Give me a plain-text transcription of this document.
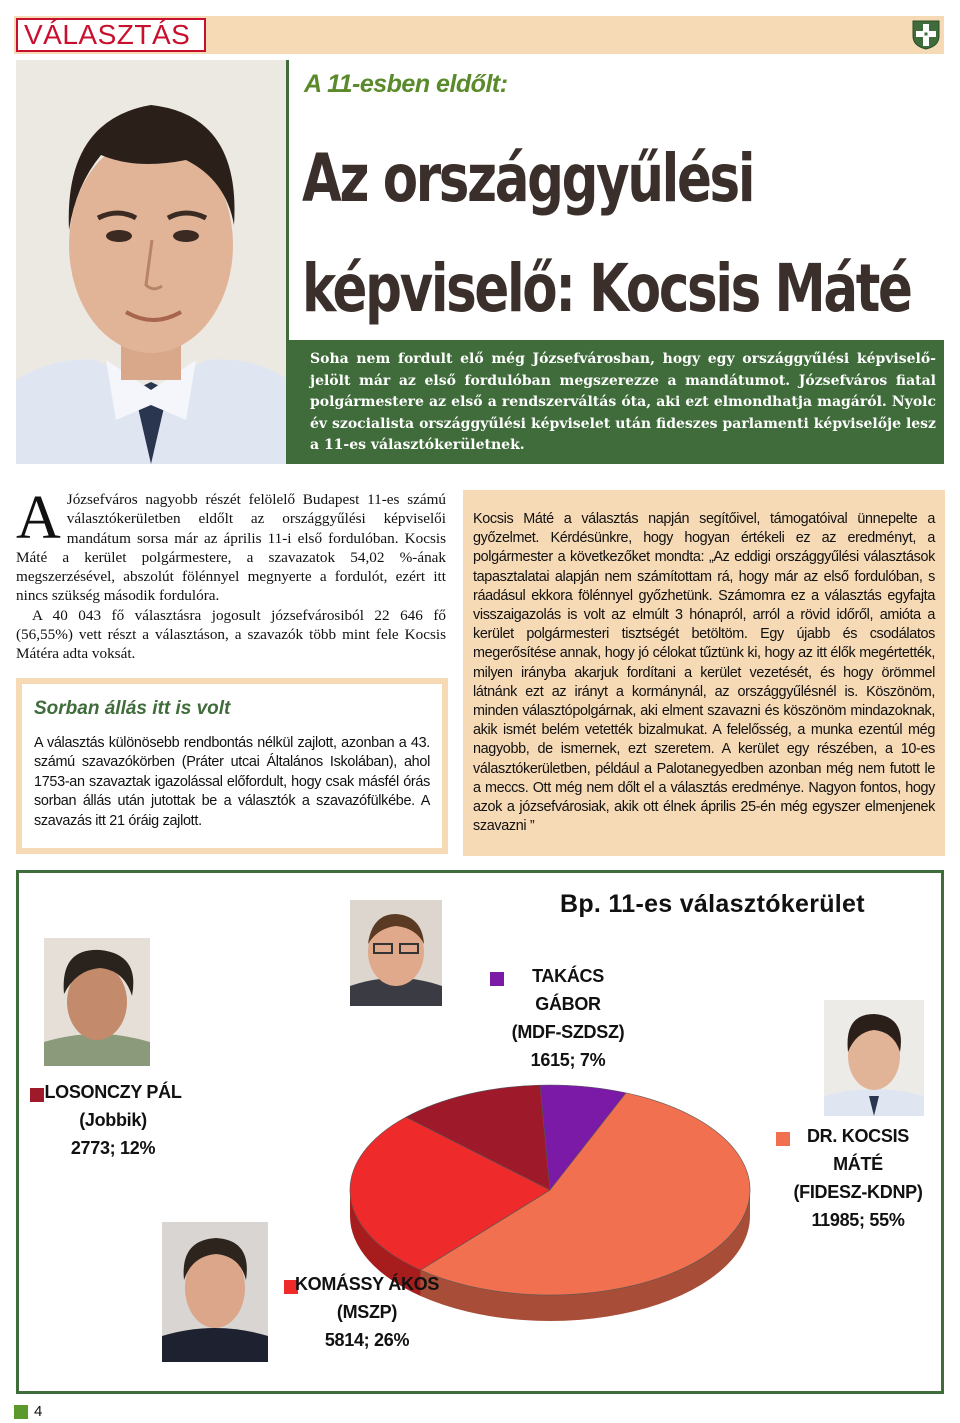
VÁLASZTÁS
A 11-esben eldőlt:
Az országgyűlési
képviselő: Kocsis Máté
Soha nem fordult elő még Józsefvárosban, hogy egy országgyűlési képviselő-jelölt már az első fordulóban megszerezze a mandátumot. Józsefváros fiatal polgármestere az első a rendszerváltás óta, aki ezt elmondhatja magáról. Nyolc év szocialista országgyűlési képviselet után fideszes parlamenti képviselője lesz a 11-es választókerületnek.

A Józsefváros nagyobb részét felölelő Budapest 11-es számú választókerületben eldőlt az országgyűlési képviselői mandátum sorsa már az április 11-i első fordulóban. Kocsis Máté a kerület polgármestere, a szavazatok 54,02 %-ának megszerzésével, abszolút fölénnyel megnyerte a fordulót, ezért itt nincs szükség második fordulóra.

A 40 043 fő választásra jogosult józsefvárosiból 22 646 fő (56,55%) vett részt a választáson, a szavazók több mint fele Kocsis Mátéra adta voksát.

Sorban állás itt is volt
A választás különösebb rendbontás nélkül zajlott, azonban a 43. számú szavazókörben (Práter utcai Általános Iskolában), ahol 1753-an szavaztak igazolással előfordult, hogy csak másfél órás sorban állás után jutottak be a választók a szavazófülkébe. A szavazás itt 21 óráig zajlott.
Kocsis Máté a választás napján segítőivel, támogatóival ünnepelte a győzelmet. Kérdésünkre, hogy hogyan értékeli ez az eredményt, a polgármester a következőket mondta: „Az eddigi országgyűlési választások tapasztalatai alapján nem számítottam rá, hogy már az első fordulóban, s ráadásul ekkora fölénnyel győzhetünk. Számomra ez a választás egyfajta visszaigazolás is volt az elmúlt 3 hónapról, arról a rövid időről, amióta a kerület polgármesteri tisztségét betöltöm. Egy újabb és csodálatos megerősítése annak, hogy jó célokat tűztünk ki, hogy az itt élők megértették, milyen irányba akarjuk fordítani a kerület vezetését, és hogy örömmel látnánk ezt az irányt a kormánynál, az országgyűlésnél is. Köszönöm, minden választópolgárnak, aki elment szavazni és köszönöm mindazoknak, akik ismét belém vetették bizalmukat. A felelősség, a munka ezentúl még nagyobb, de ismernek, ezt szeretem. A kerület egy részében, a 10-es választókerületben, például a Palotanegyedben azonban még nem futott le a meccs. Ott még nem dőlt el a választás eredménye. Nagyon fontos, hogy azok a józsefvárosiak, akik ott élnek április 25-én még egyszer elmenjenek szavazni ”
Bp. 11-es választókerület
TAKÁCS GÁBOR
(MDF-SZDSZ)
1615; 7%
LOSONCZY PÁL
(Jobbik)
2773; 12%
DR. KOCSIS
MÁTÉ
(FIDESZ-KDNP)
11985; 55%
KOMÁSSY ÁKOS
(MSZP)
5814; 26%
4
